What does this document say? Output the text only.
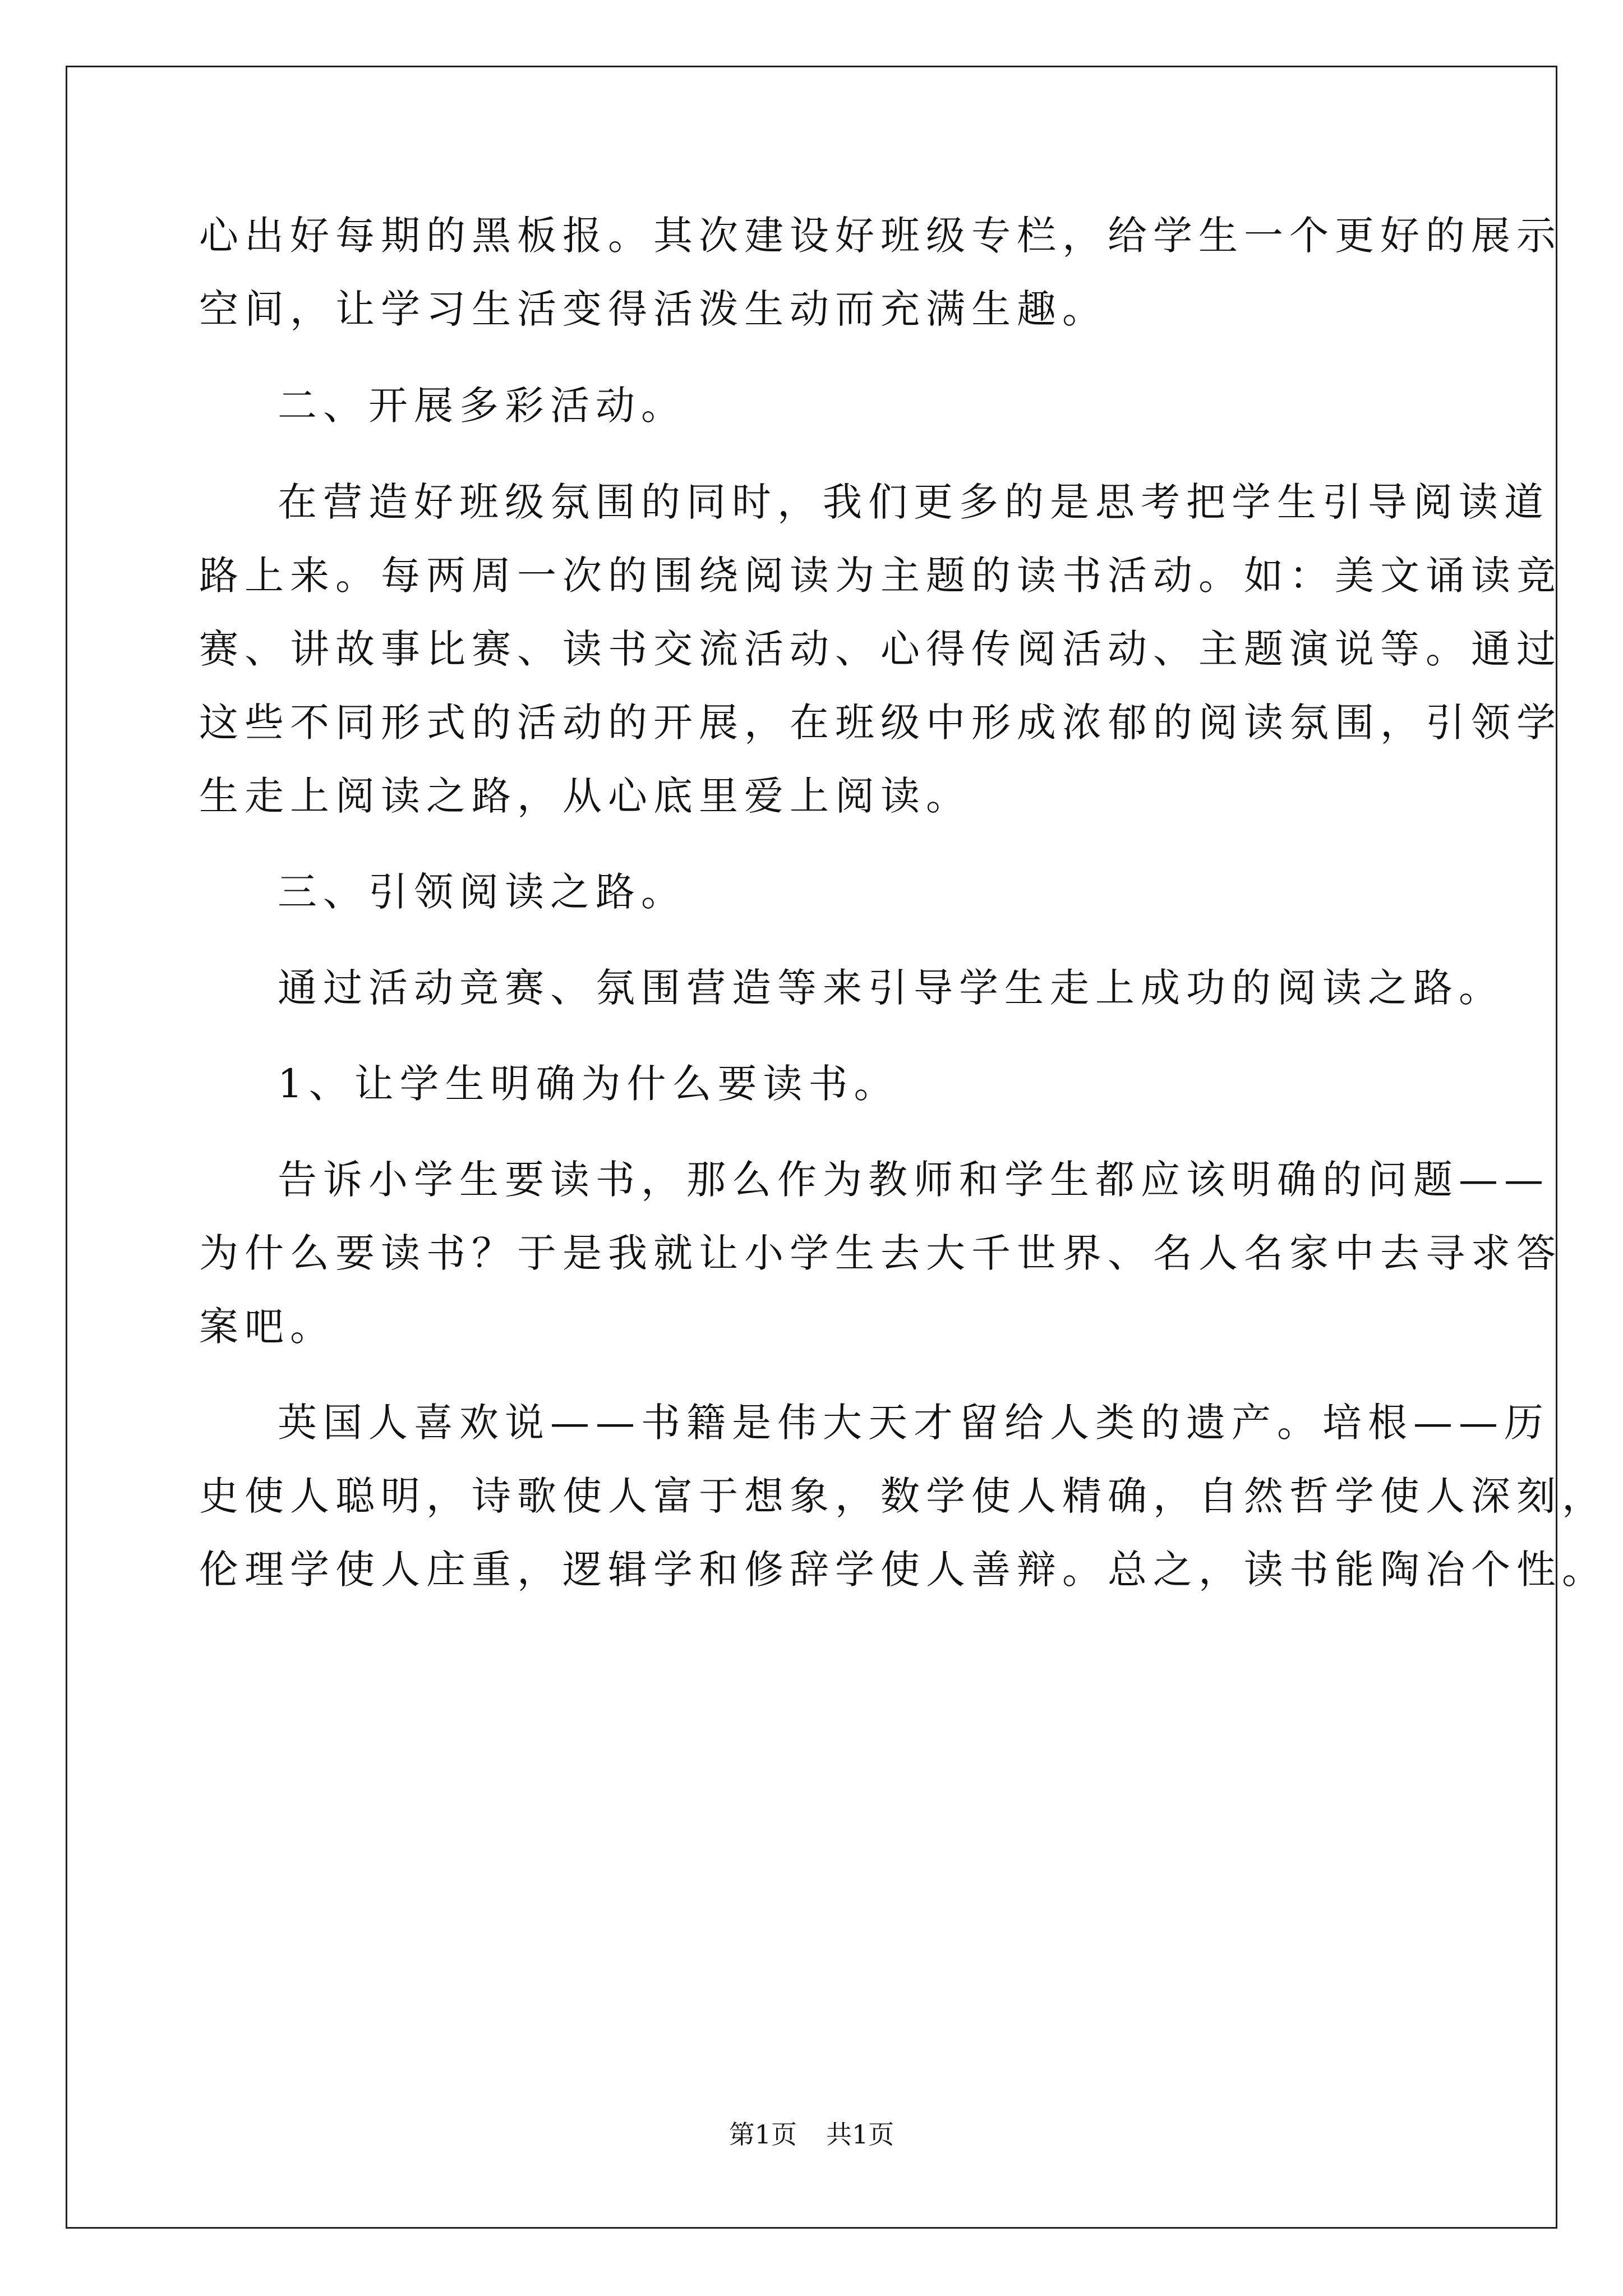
心出好每期的黑板报。其次建设好班级专栏，给学生一个更好的展示
空间，让学习生活变得活泼生动而充满生趣。
二、开展多彩活动。
在营造好班级氛围的同时，我们更多的是思考把学生引导阅读道
路上来。每两周一次的围绕阅读为主题的读书活动。如：美文诵读竞
赛、讲故事比赛、读书交流活动、心得传阅活动、主题演说等。通过
这些不同形式的活动的开展，在班级中形成浓郁的阅读氛围，引领学
生走上阅读之路，从心底里爱上阅读。
三、引领阅读之路。
通过活动竞赛、氛围营造等来引导学生走上成功的阅读之路。
1、让学生明确为什么要读书。
告诉小学生要读书，那么作为教师和学生都应该明确的问题——
为什么要读书？于是我就让小学生去大千世界、名人名家中去寻求答
案吧。
英国人喜欢说——书籍是伟大天才留给人类的遗产。培根——历
史使人聪明，诗歌使人富于想象，数学使人精确，自然哲学使人深刻，
伦理学使人庄重，逻辑学和修辞学使人善辩。总之，读书能陶冶个性。
第1页 共1页
